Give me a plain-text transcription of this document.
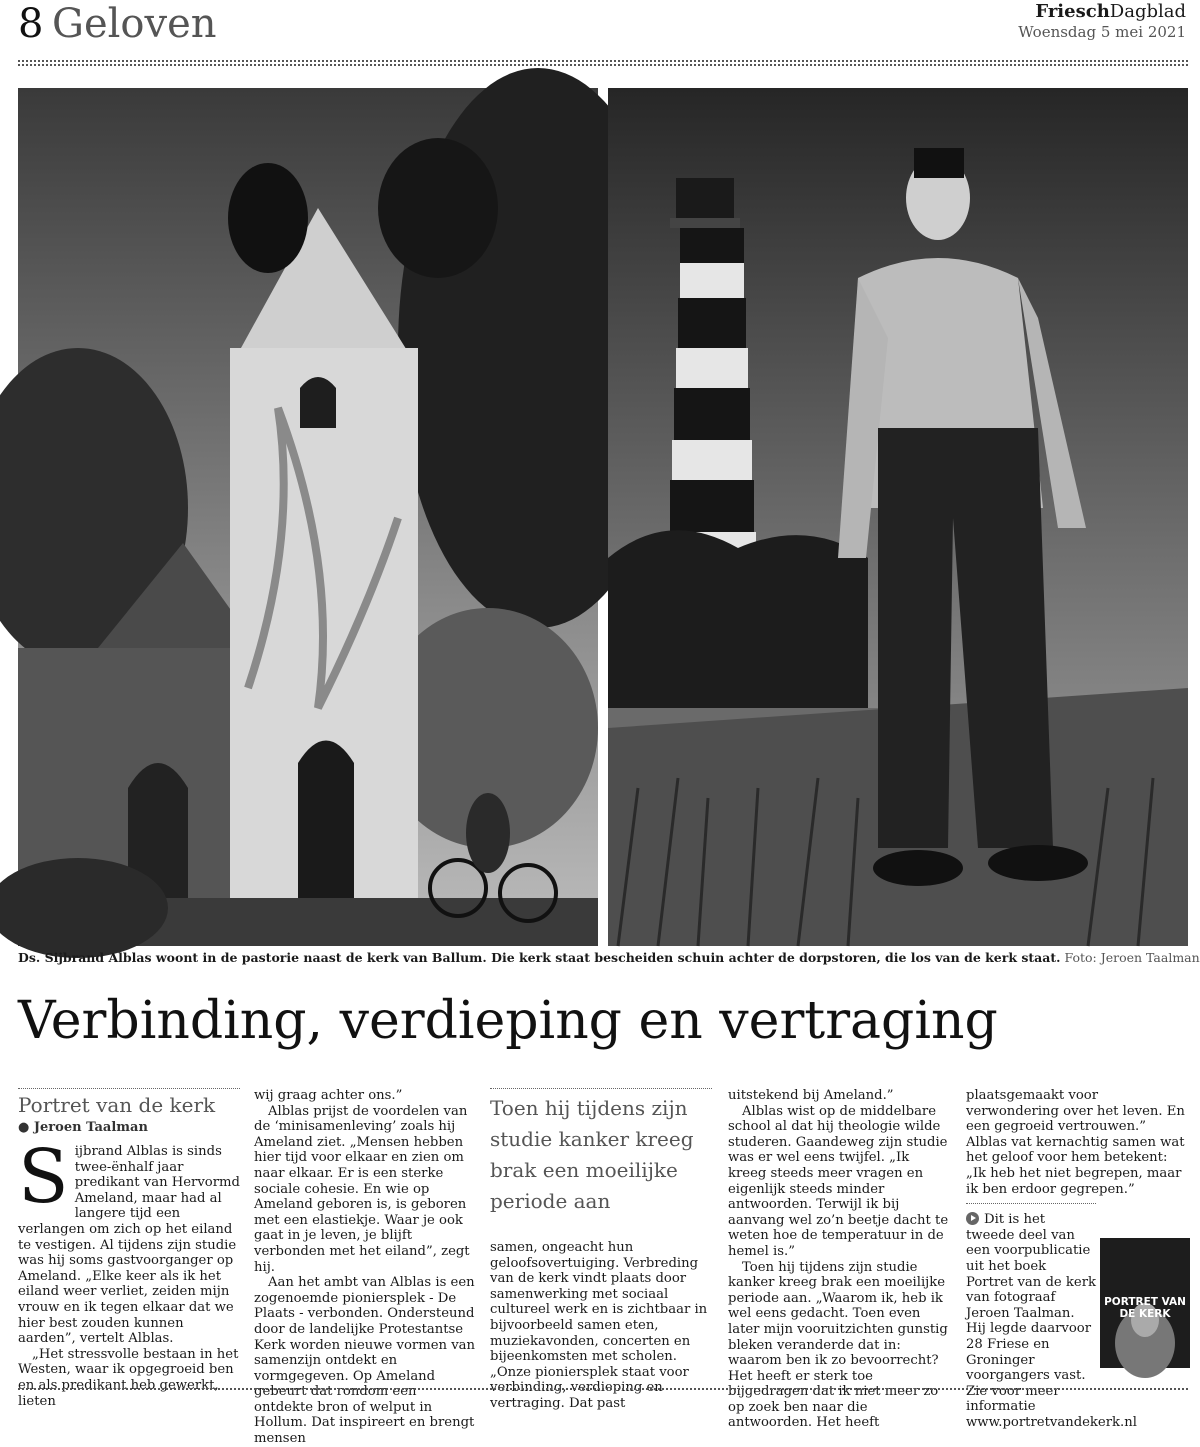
8 Geloven	FrieschDagblad
Woensdag 5 mei 2021
Ds. Sijbrand Alblas woont in de pastorie naast de kerk van Ballum. Die kerk staat bescheiden schuin achter de dorpstoren, die los van de kerk staat. Foto: Jeroen Taalman
Verbinding, verdieping en vertraging
Portret van de kerk
● Jeroen Taalman

Sijbrand Alblas is sinds twee-ënhalf jaar predikant van Hervormd Ameland, maar had al langere tijd een verlangen om zich op het eiland te vestigen. Al tijdens zijn studie was hij soms gastvoorganger op Ameland. „Elke keer als ik het eiland weer verliet, zeiden mijn vrouw en ik tegen elkaar dat we hier best zouden kunnen aarden”, vertelt Alblas.

„Het stressvolle bestaan in het Westen, waar ik opgegroeid ben en als predikant heb gewerkt, lieten

wij graag achter ons.”

Alblas prijst de voordelen van de ‘minisamenleving’ zoals hij Ameland ziet. „Mensen hebben hier tijd voor elkaar en zien om naar elkaar. Er is een sterke sociale cohesie. En wie op Ameland geboren is, is geboren met een elastiekje. Waar je ook gaat in je leven, je blijft verbonden met het eiland”, zegt hij.

Aan het ambt van Alblas is een zogenoemde pioniersplek - De Plaats - verbonden. Ondersteund door de landelijke Protestantse Kerk worden nieuwe vormen van samenzijn ontdekt en vormgegeven. Op Ameland gebeurt dat rondom een ontdekte bron of welput in Hollum. Dat inspireert en brengt mensen

Toen hij tijdens zijn studie kanker kreeg brak een moeilijke periode aan

samen, ongeacht hun geloofsovertuiging. Verbreding van de kerk vindt plaats door samenwerking met sociaal cultureel werk en is zichtbaar in bijvoorbeeld samen eten, muziekavonden, concerten en bijeenkomsten met scholen. „Onze pioniersplek staat voor verbinding, verdieping en vertraging. Dat past

uitstekend bij Ameland.”

Alblas wist op de middelbare school al dat hij theologie wilde studeren. Gaandeweg zijn studie was er wel eens twijfel. „Ik kreeg steeds meer vragen en eigenlijk steeds minder antwoorden. Terwijl ik bij aanvang wel zo’n beetje dacht te weten hoe de temperatuur in de hemel is.”

Toen hij tijdens zijn studie kanker kreeg brak een moeilijke periode aan. „Waarom ik, heb ik wel eens gedacht. Toen even later mijn vooruitzichten gunstig bleken veranderde dat in: waarom ben ik zo bevoorrecht? Het heeft er sterk toe bijgedragen dat ik niet meer zo op zoek ben naar die antwoorden. Het heeft

plaatsgemaakt voor verwondering over het leven. En een gegroeid vertrouwen.” Alblas vat kernachtig samen wat het geloof voor hem betekent: „Ik heb het niet begrepen, maar ik ben erdoor gegrepen.”

Dit is het tweede deel van een voorpublicatie uit het boek Portret van de kerk van fotograaf Jeroen Taalman. Hij legde daarvoor 28 Friese en Groninger voorgangers vast. Zie voor meer informatie www.portretvandekerk.nl
PORTRET VAN DE KERK
